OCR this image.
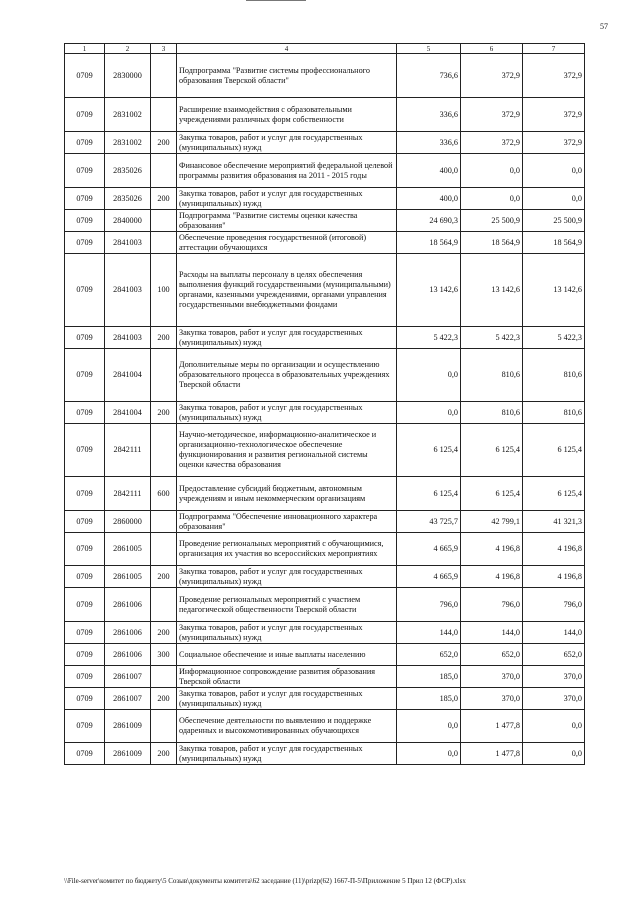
57
1	2	3	4	5	6	7
0709	2830000		Подпрограмма "Развитие системы профессионального образования Тверской области"	736,6	372,9	372,9
0709	2831002		Расширение взаимодействия с образовательными учреждениями различных форм собственности	336,6	372,9	372,9
0709	2831002	200	Закупка товаров, работ и услуг для государственных (муниципальных) нужд	336,6	372,9	372,9
0709	2835026		Финансовое обеспечение мероприятий федеральной целевой программы развития образования на 2011 - 2015 годы	400,0	0,0	0,0
0709	2835026	200	Закупка товаров, работ и услуг для государственных (муниципальных) нужд	400,0	0,0	0,0
0709	2840000		Подпрограмма "Развитие системы оценки качества образования"	24 690,3	25 500,9	25 500,9
0709	2841003		Обеспечение проведения государственной (итоговой) аттестации обучающихся	18 564,9	18 564,9	18 564,9
0709	2841003	100	Расходы на выплаты персоналу в целях обеспечения выполнения функций государственными (муниципальными) органами, казенными учреждениями, органами управления государственными внебюджетными фондами	13 142,6	13 142,6	13 142,6
0709	2841003	200	Закупка товаров, работ и услуг для государственных (муниципальных) нужд	5 422,3	5 422,3	5 422,3
0709	2841004		Дополнительные меры по организации и осуществлению образовательного процесса в образовательных учреждениях Тверской области	0,0	810,6	810,6
0709	2841004	200	Закупка товаров, работ и услуг для государственных (муниципальных) нужд	0,0	810,6	810,6
0709	2842111		Научно-методическое, информационно-аналитическое и организационно-технологическое обеспечение функционирования и развития региональной системы оценки качества образования	6 125,4	6 125,4	6 125,4
0709	2842111	600	Предоставление субсидий бюджетным, автономным учреждениям и иным некоммерческим организациям	6 125,4	6 125,4	6 125,4
0709	2860000		Подпрограмма "Обеспечение инновационного характера образования"	43 725,7	42 799,1	41 321,3
0709	2861005		Проведение региональных мероприятий с обучающимися, организация их участия во всероссийских мероприятиях	4 665,9	4 196,8	4 196,8
0709	2861005	200	Закупка товаров, работ и услуг для государственных (муниципальных) нужд	4 665,9	4 196,8	4 196,8
0709	2861006		Проведение региональных мероприятий с участием педагогической общественности Тверской области	796,0	796,0	796,0
0709	2861006	200	Закупка товаров, работ и услуг для государственных (муниципальных) нужд	144,0	144,0	144,0
0709	2861006	300	Социальное обеспечение и иные выплаты населению	652,0	652,0	652,0
0709	2861007		Информационное сопровождение развития образования Тверской области	185,0	370,0	370,0
0709	2861007	200	Закупка товаров, работ и услуг для государственных (муниципальных) нужд	185,0	370,0	370,0
0709	2861009		Обеспечение деятельности по выявлению и поддержке одаренных и высокомотивированных обучающихся	0,0	1 477,8	0,0
0709	2861009	200	Закупка товаров, работ и услуг для государственных (муниципальных) нужд	0,0	1 477,8	0,0
\\File-server\комитет по бюджету\5 Созыв\документы комитета\62 заседание (11)\prizp(62) 1667-П-5\Приложение 5 Прил 12 (ФСР).xlsx
